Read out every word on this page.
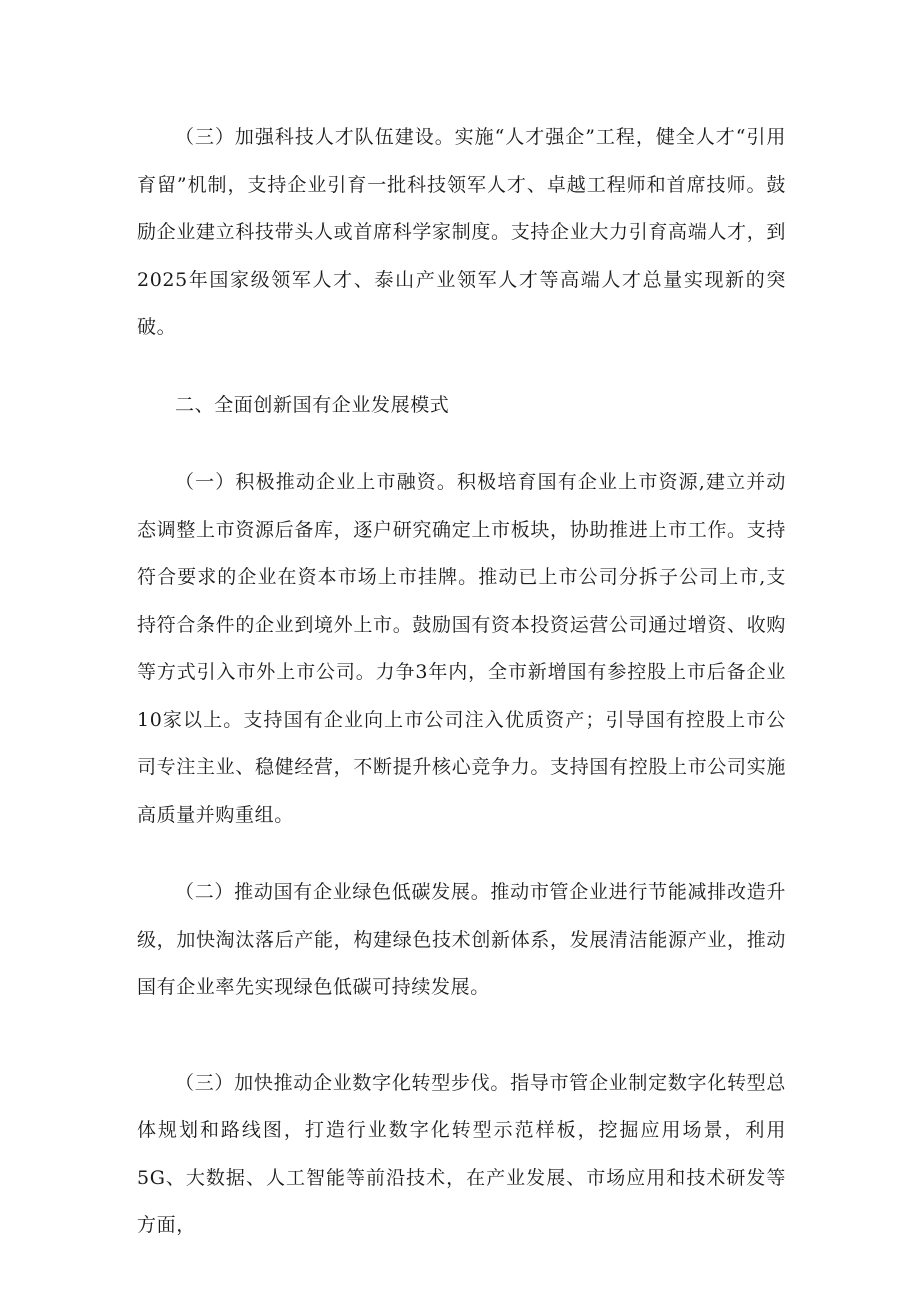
（三）加强科技人才队伍建设。实施“人才强企”工程，健全人才“引用育留”机制，支持企业引育一批科技领军人才、卓越工程师和首席技师。鼓励企业建立科技带头人或首席科学家制度。支持企业大力引育高端人才，到2025年国家级领军人才、泰山产业领军人才等高端人才总量实现新的突破。

二、全面创新国有企业发展模式

（一）积极推动企业上市融资。积极培育国有企业上市资源,建立并动态调整上市资源后备库，逐户研究确定上市板块，协助推进上市工作。支持符合要求的企业在资本市场上市挂牌。推动已上市公司分拆子公司上市,支持符合条件的企业到境外上市。鼓励国有资本投资运营公司通过增资、收购等方式引入市外上市公司。力争3年内，全市新增国有参控股上市后备企业10家以上。支持国有企业向上市公司注入优质资产；引导国有控股上市公司专注主业、稳健经营，不断提升核心竞争力。支持国有控股上市公司实施高质量并购重组。

（二）推动国有企业绿色低碳发展。推动市管企业进行节能减排改造升级，加快淘汰落后产能，构建绿色技术创新体系，发展清洁能源产业，推动国有企业率先实现绿色低碳可持续发展。

（三）加快推动企业数字化转型步伐。指导市管企业制定数字化转型总体规划和路线图，打造行业数字化转型示范样板，挖掘应用场景，利用5G、大数据、人工智能等前沿技术，在产业发展、市场应用和技术研发等方面，
